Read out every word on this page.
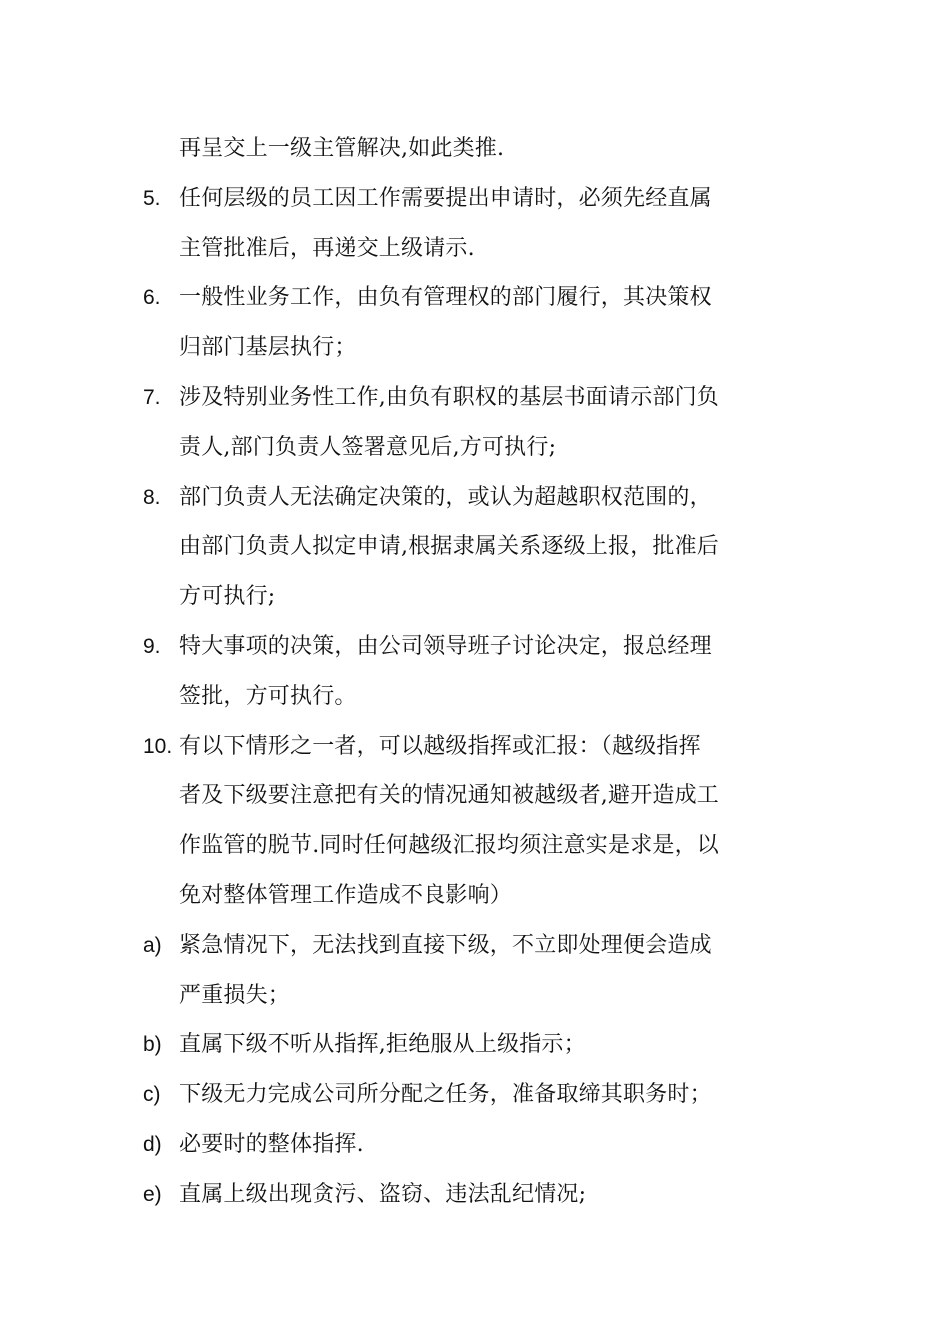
再呈交上一级主管解决,如此类推.
5. 任何层级的员工因工作需要提出申请时，必须先经直属
主管批准后，再递交上级请示.
6. 一般性业务工作，由负有管理权的部门履行，其决策权
归部门基层执行；
7. 涉及特别业务性工作,由负有职权的基层书面请示部门负
责人,部门负责人签署意见后,方可执行;
8. 部门负责人无法确定决策的，或认为超越职权范围的，
由部门负责人拟定申请,根据隶属关系逐级上报，批准后
方可执行;
9. 特大事项的决策，由公司领导班子讨论决定，报总经理
签批，方可执行。
10. 有以下情形之一者，可以越级指挥或汇报：（越级指挥
者及下级要注意把有关的情况通知被越级者,避开造成工
作监管的脱节.同时任何越级汇报均须注意实是求是，以
免对整体管理工作造成不良影响）
a) 紧急情况下，无法找到直接下级，不立即处理便会造成
严重损失；
b) 直属下级不听从指挥,拒绝服从上级指示；
c) 下级无力完成公司所分配之任务，准备取缔其职务时；
d) 必要时的整体指挥.
e) 直属上级出现贪污、盗窃、违法乱纪情况;
